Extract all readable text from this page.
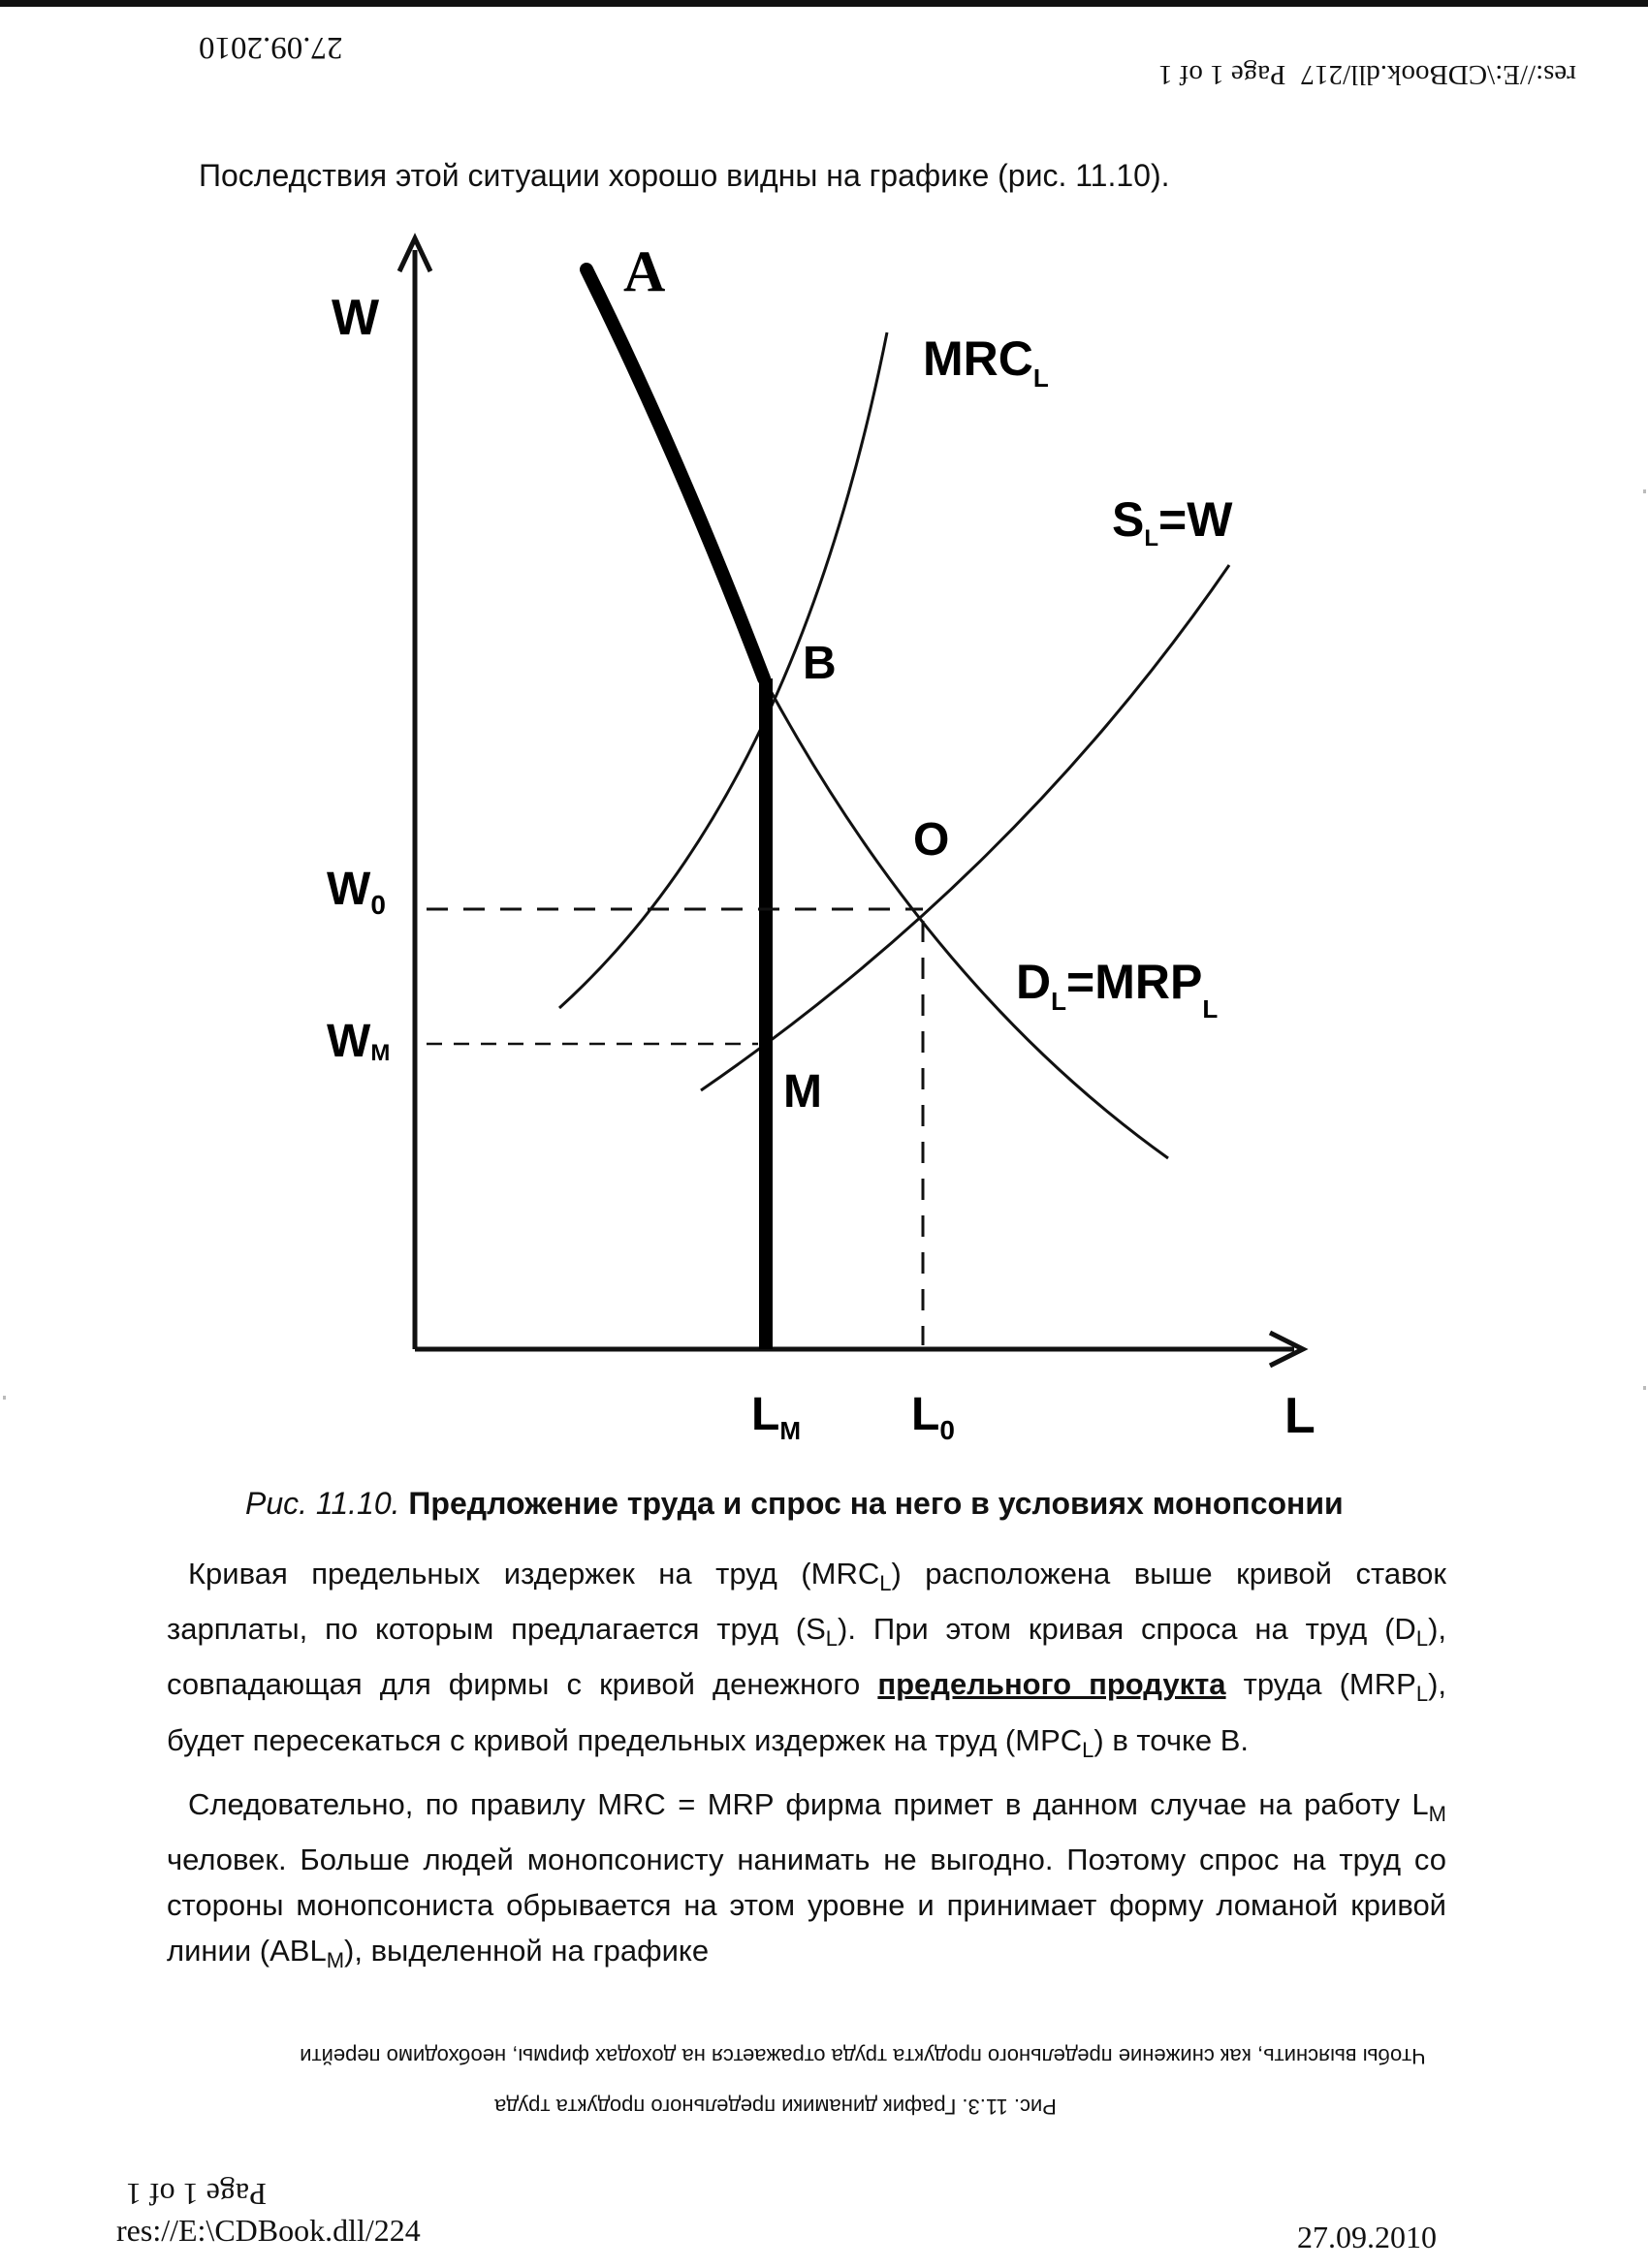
27.09.2010
res://E:\CDBook.dll/217 Page 1 of 1
Последствия этой ситуации хорошо видны на графике (рис. 11.10).
W
L
$W_0$
WM
$L_M$ $L_0$
A
B
O
M
$MRC_L$
$S_L=W$
$D_L=MRP_L$
Рис. 11.10. Предложение труда и спрос на него в условиях монопсонии
Кривая предельных издержек на труд $(MRC_L)$ расположена выше кривой ставок зарплаты, по которым предлагается труд $(S_L)$. При этом кривая спроса на труд $(D_L)$, совпадающая для фирмы с кривой денежного предельного продукта труда $(MRP_L)$, будет пересекаться с кривой предельных издержек на труд $(MPC_L)$ в точке B.
Следовательно, по правилу MRC = MRP фирма примет в данном случае на работу $L_M$ человек. Больше людей монопсонисту нанимать не выгодно. Поэтому спрос на труд со стороны монопсониста обрывается на этом уровне и принимает форму ломаной кривой линии $(ABL_M)$, выделенной на графике
Чтобы выяснить, как снижение предельного продукта труда отражается на доходах фирмы, необходимо перейти
Рис. 11.3. График динамики предельного продукта труда
Page 1 of 1
res://E:\CDBook.dll/224	27.09.2010
